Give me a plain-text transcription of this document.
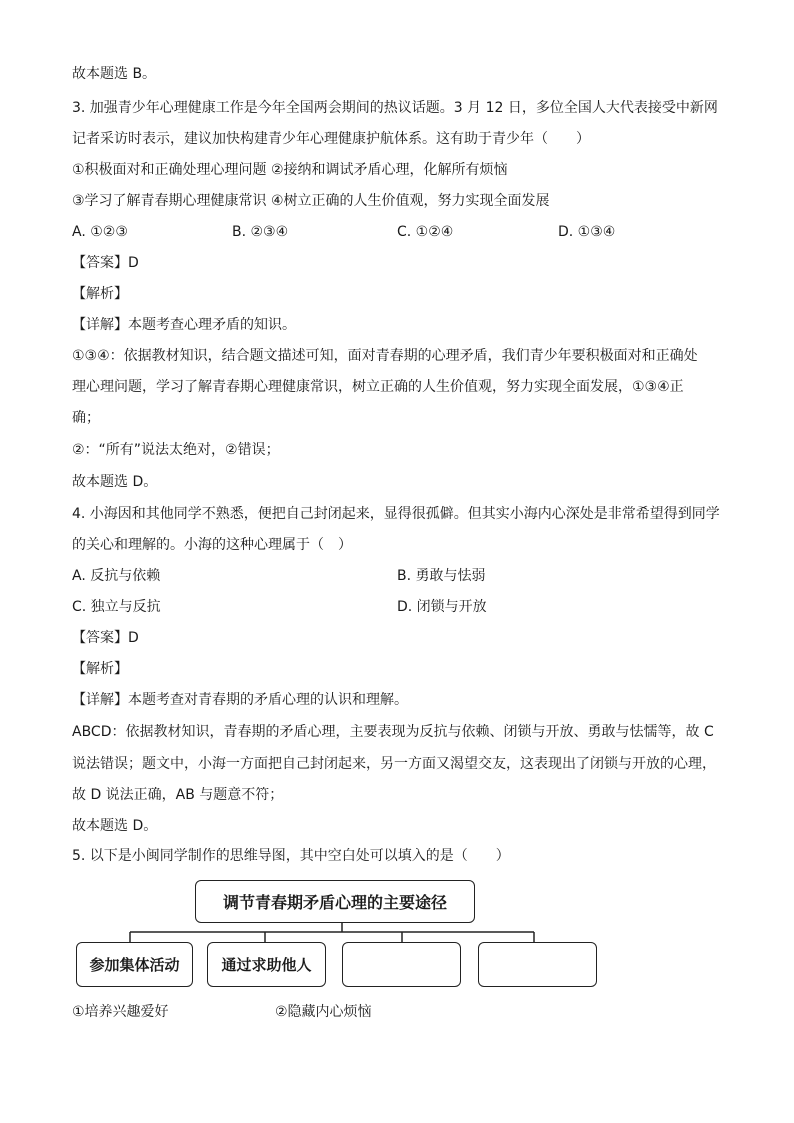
故本题选 B。
3. 加强青少年心理健康工作是今年全国两会期间的热议话题。3 月 12 日，多位全国人大代表接受中新网
记者采访时表示，建议加快构建青少年心理健康护航体系。这有助于青少年（　　）
①积极面对和正确处理心理问题 ②接纳和调试矛盾心理，化解所有烦恼
③学习了解青春期心理健康常识 ④树立正确的人生价值观，努力实现全面发展
A. ①②③	B. ②③④	C. ①②④	D. ①③④
【答案】D
【解析】
【详解】本题考查心理矛盾的知识。
①③④：依据教材知识，结合题文描述可知，面对青春期的心理矛盾，我们青少年要积极面对和正确处
理心理问题，学习了解青春期心理健康常识，树立正确的人生价值观，努力实现全面发展，①③④正
确；
②：“所有”说法太绝对，②错误；
故本题选 D。
4. 小海因和其他同学不熟悉，便把自己封闭起来，显得很孤僻。但其实小海内心深处是非常希望得到同学
的关心和理解的。小海的这种心理属于（　）
A. 反抗与依赖	B. 勇敢与怯弱
C. 独立与反抗	D. 闭锁与开放
【答案】D
【解析】
【详解】本题考查对青春期的矛盾心理的认识和理解。
ABCD：依据教材知识，青春期的矛盾心理，主要表现为反抗与依赖、闭锁与开放、勇敢与怯懦等，故 C
说法错误；题文中，小海一方面把自己封闭起来，另一方面又渴望交友，这表现出了闭锁与开放的心理，
故 D 说法正确，AB 与题意不符；
故本题选 D。
5. 以下是小闽同学制作的思维导图，其中空白处可以填入的是（　　）
调节青春期矛盾心理的主要途径
参加集体活动	通过求助他人
①培养兴趣爱好	②隐藏内心烦恼
